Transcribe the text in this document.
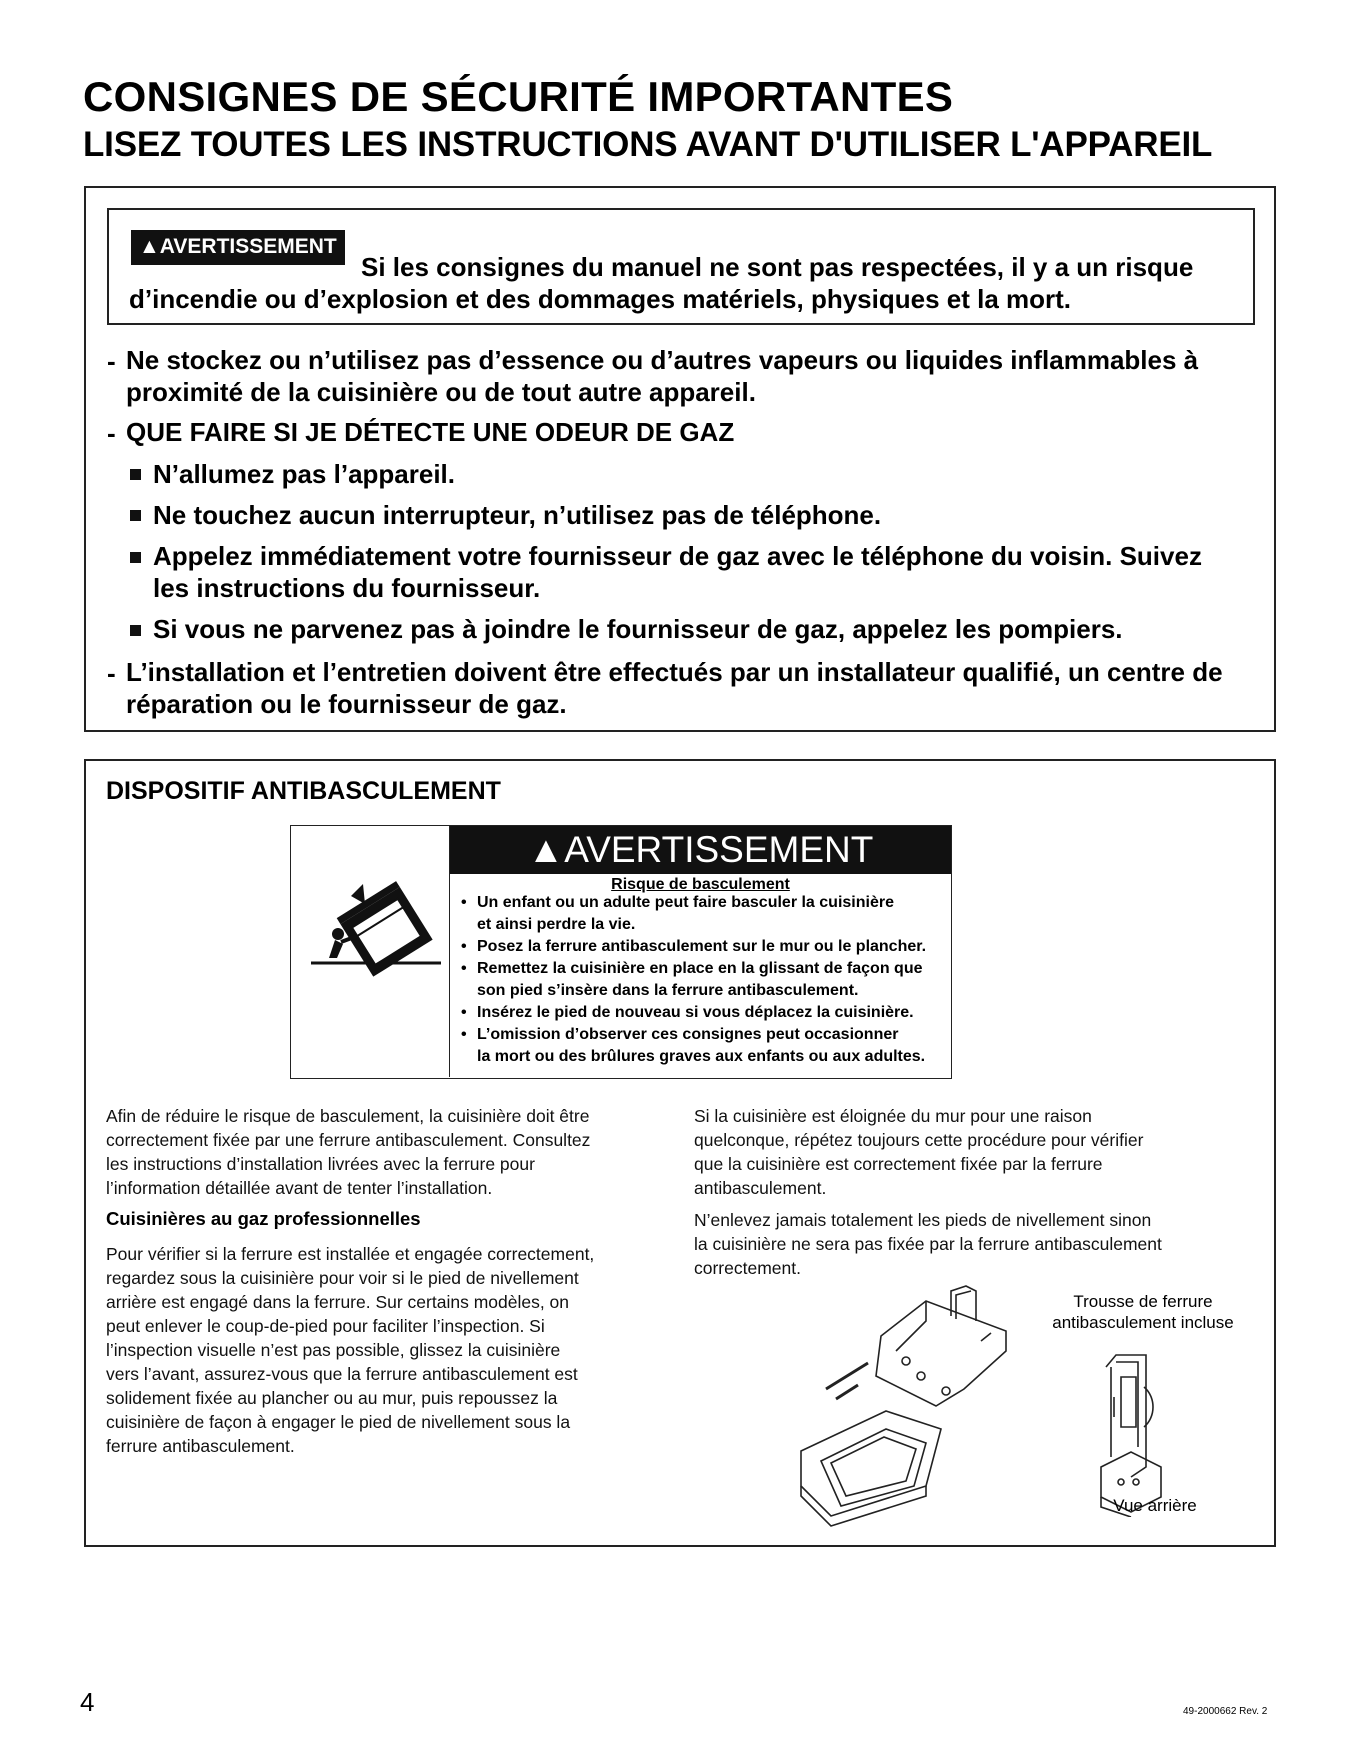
CONSIGNES DE SÉCURITÉ IMPORTANTES
LISEZ TOUTES LES INSTRUCTIONS AVANT D'UTILISER L'APPAREIL
▲AVERTISSEMENT
Si les consignes du manuel ne sont pas respectées, il y a un risque
d’incendie ou d’explosion et des dommages matériels, physiques et la mort.
- Ne stockez ou n’utilisez pas d’essence ou d’autres vapeurs ou liquides inflammables à
proximité de la cuisinière ou de tout autre appareil.
- QUE FAIRE SI JE DÉTECTE UNE ODEUR DE GAZ
N’allumez pas l’appareil.
Ne touchez aucun interrupteur, n’utilisez pas de téléphone.
Appelez immédiatement votre fournisseur de gaz avec le téléphone du voisin. Suivez
les instructions du fournisseur.
Si vous ne parvenez pas à joindre le fournisseur de gaz, appelez les pompiers.
- L’installation et l’entretien doivent être effectués par un installateur qualifié, un centre de
réparation ou le fournisseur de gaz.
DISPOSITIF ANTIBASCULEMENT
▲AVERTISSEMENT
Risque de basculement
• Un enfant ou un adulte peut faire basculer la cuisinière
et ainsi perdre la vie.
• Posez la ferrure antibasculement sur le mur ou le plancher.
• Remettez la cuisinière en place en la glissant de façon que
son pied s’insère dans la ferrure antibasculement.
• Insérez le pied de nouveau si vous déplacez la cuisinière.
• L’omission d’observer ces consignes peut occasionner
la mort ou des brûlures graves aux enfants ou aux adultes.
Afin de réduire le risque de basculement, la cuisinière doit être
correctement fixée par une ferrure antibasculement. Consultez
les instructions d’installation livrées avec la ferrure pour
l’information détaillée avant de tenter l’installation.
Cuisinières au gaz professionnelles
Pour vérifier si la ferrure est installée et engagée correctement,
regardez sous la cuisinière pour voir si le pied de nivellement
arrière est engagé dans la ferrure. Sur certains modèles, on
peut enlever le coup-de-pied pour faciliter l’inspection. Si
l’inspection visuelle n’est pas possible, glissez la cuisinière
vers l’avant, assurez-vous que la ferrure antibasculement est
solidement fixée au plancher ou au mur, puis repoussez la
cuisinière de façon à engager le pied de nivellement sous la
ferrure antibasculement.
Si la cuisinière est éloignée du mur pour une raison
quelconque, répétez toujours cette procédure pour vérifier
que la cuisinière est correctement fixée par la ferrure
antibasculement.
N’enlevez jamais totalement les pieds de nivellement sinon
la cuisinière ne sera pas fixée par la ferrure antibasculement
correctement.
Trousse de ferrure
antibasculement incluse
Vue arrière
4	49-2000662 Rev. 2
